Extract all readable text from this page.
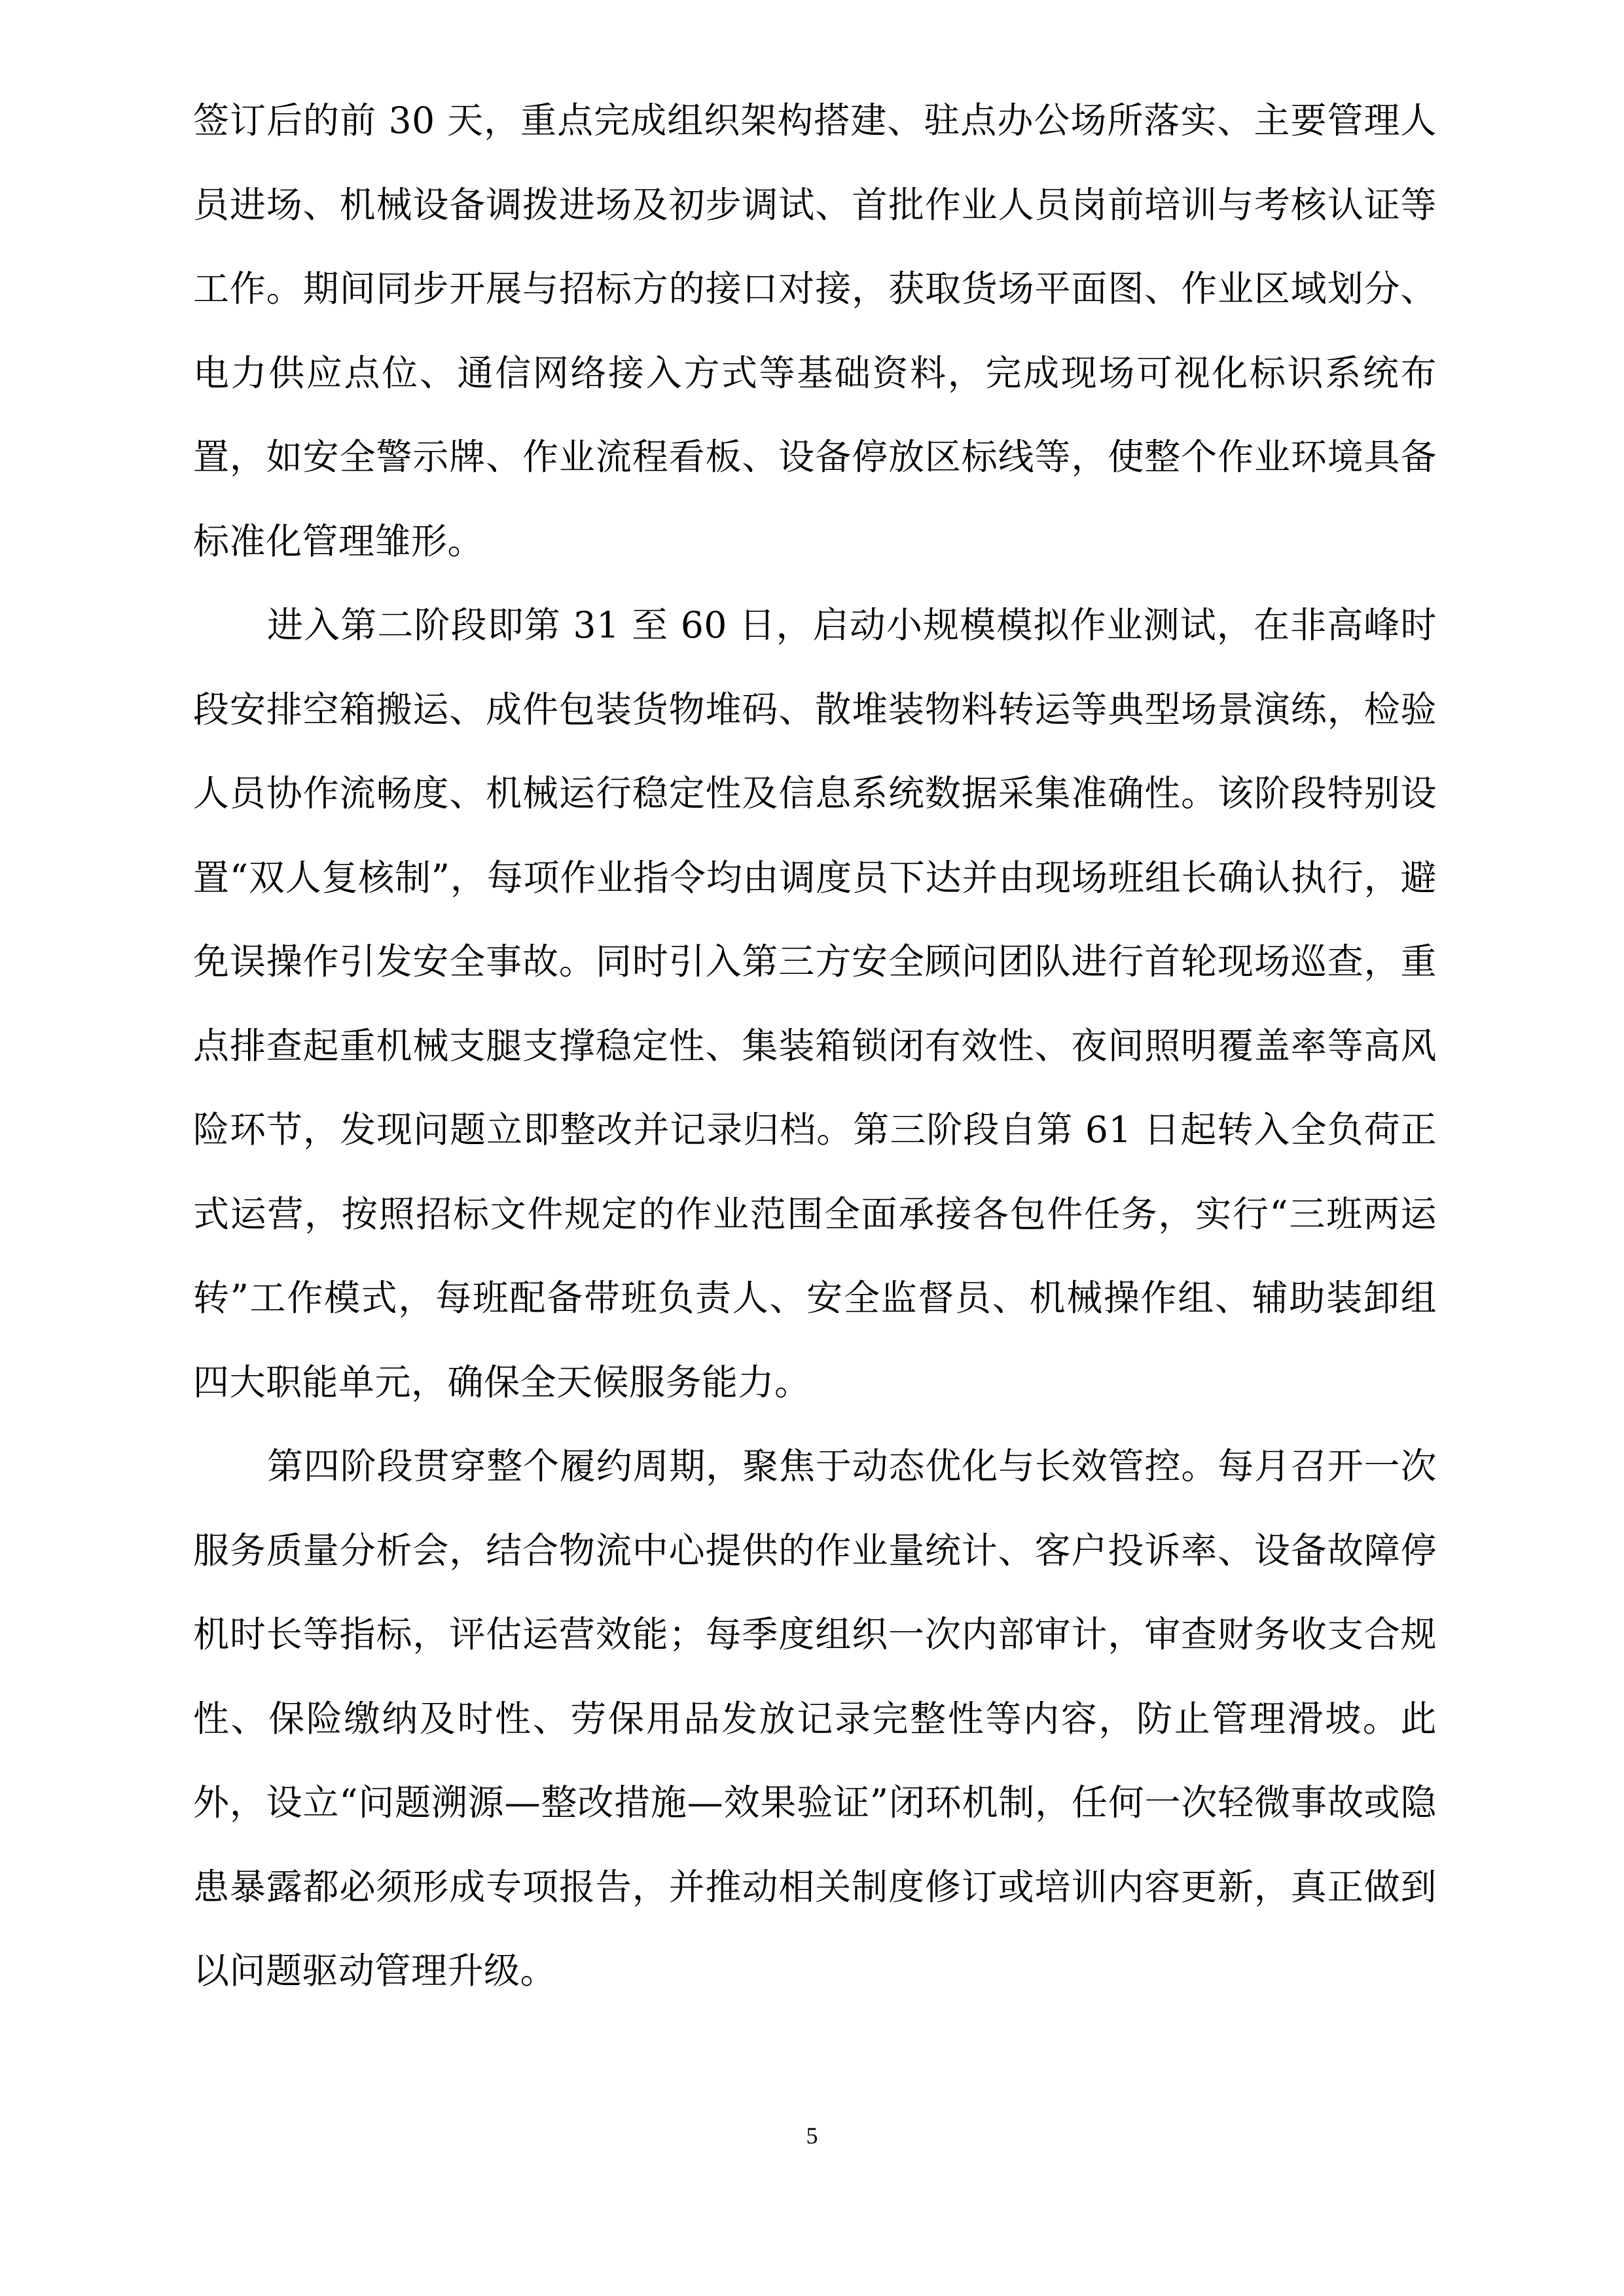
签订后的前 30 天，重点完成组织架构搭建、驻点办公场所落实、主要管理人员进场、机械设备调拨进场及初步调试、首批作业人员岗前培训与考核认证等工作。期间同步开展与招标方的接口对接，获取货场平面图、作业区域划分、电力供应点位、通信网络接入方式等基础资料，完成现场可视化标识系统布置，如安全警示牌、作业流程看板、设备停放区标线等，使整个作业环境具备标准化管理雏形。

进入第二阶段即第 31 至 60 日，启动小规模模拟作业测试，在非高峰时段安排空箱搬运、成件包装货物堆码、散堆装物料转运等典型场景演练，检验人员协作流畅度、机械运行稳定性及信息系统数据采集准确性。该阶段特别设置“双人复核制”，每项作业指令均由调度员下达并由现场班组长确认执行，避免误操作引发安全事故。同时引入第三方安全顾问团队进行首轮现场巡查，重点排查起重机械支腿支撑稳定性、集装箱锁闭有效性、夜间照明覆盖率等高风险环节，发现问题立即整改并记录归档。第三阶段自第 61 日起转入全负荷正式运营，按照招标文件规定的作业范围全面承接各包件任务，实行“三班两运转”工作模式，每班配备带班负责人、安全监督员、机械操作组、辅助装卸组四大职能单元，确保全天候服务能力。

第四阶段贯穿整个履约周期，聚焦于动态优化与长效管控。每月召开一次服务质量分析会，结合物流中心提供的作业量统计、客户投诉率、设备故障停机时长等指标，评估运营效能；每季度组织一次内部审计，审查财务收支合规性、保险缴纳及时性、劳保用品发放记录完整性等内容，防止管理滑坡。此外，设立“问题溯源—整改措施—效果验证”闭环机制，任何一次轻微事故或隐患暴露都必须形成专项报告，并推动相关制度修订或培训内容更新，真正做到以问题驱动管理升级。

5
